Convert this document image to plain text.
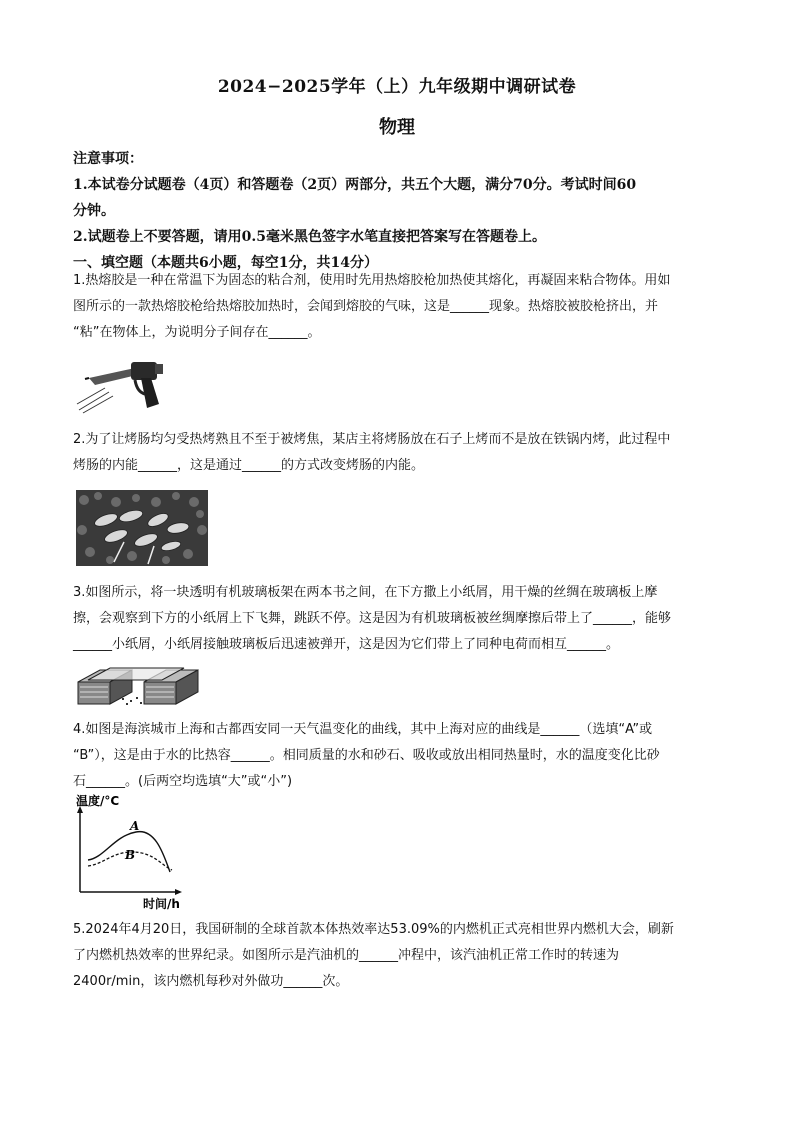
2024−2025学年（上）九年级期中调研试卷
物理
注意事项：
1.本试卷分试题卷（4页）和答题卷（2页）两部分，共五个大题，满分70分。考试时间60
分钟。
2.试题卷上不要答题，请用0.5毫米黑色签字水笔直接把答案写在答题卷上。
一、填空题（本题共6小题，每空1分，共14分）
1.热熔胶是一种在常温下为固态的粘合剂，使用时先用热熔胶枪加热使其熔化，再凝固来粘合物体。用如
图所示的一款热熔胶枪给热熔胶加热时，会闻到熔胶的气味，这是______现象。热熔胶被胶枪挤出，并
“粘”在物体上，为说明分子间存在______。
2.为了让烤肠均匀受热烤熟且不至于被烤焦，某店主将烤肠放在石子上烤而不是放在铁锅内烤，此过程中
烤肠的内能______，这是通过______的方式改变烤肠的内能。
3.如图所示，将一块透明有机玻璃板架在两本书之间，在下方撒上小纸屑，用干燥的丝绸在玻璃板上摩
擦，会观察到下方的小纸屑上下飞舞，跳跃不停。这是因为有机玻璃板被丝绸摩擦后带上了______，能够
______小纸屑，小纸屑接触玻璃板后迅速被弹开，这是因为它们带上了同种电荷而相互______。
4.如图是海滨城市上海和古都西安同一天气温变化的曲线，其中上海对应的曲线是______（选填“A”或
“B”），这是由于水的比热容______。相同质量的水和砂石、吸收或放出相同热量时，水的温度变化比砂
石______。(后两空均选填“大”或“小”)
温度/°C
A
B
时间/h
5.2024年4月20日，我国研制的全球首款本体热效率达53.09%的内燃机正式亮相世界内燃机大会，刷新
了内燃机热效率的世界纪录。如图所示是汽油机的______冲程中，该汽油机正常工作时的转速为
2400r/min，该内燃机每秒对外做功______次。
